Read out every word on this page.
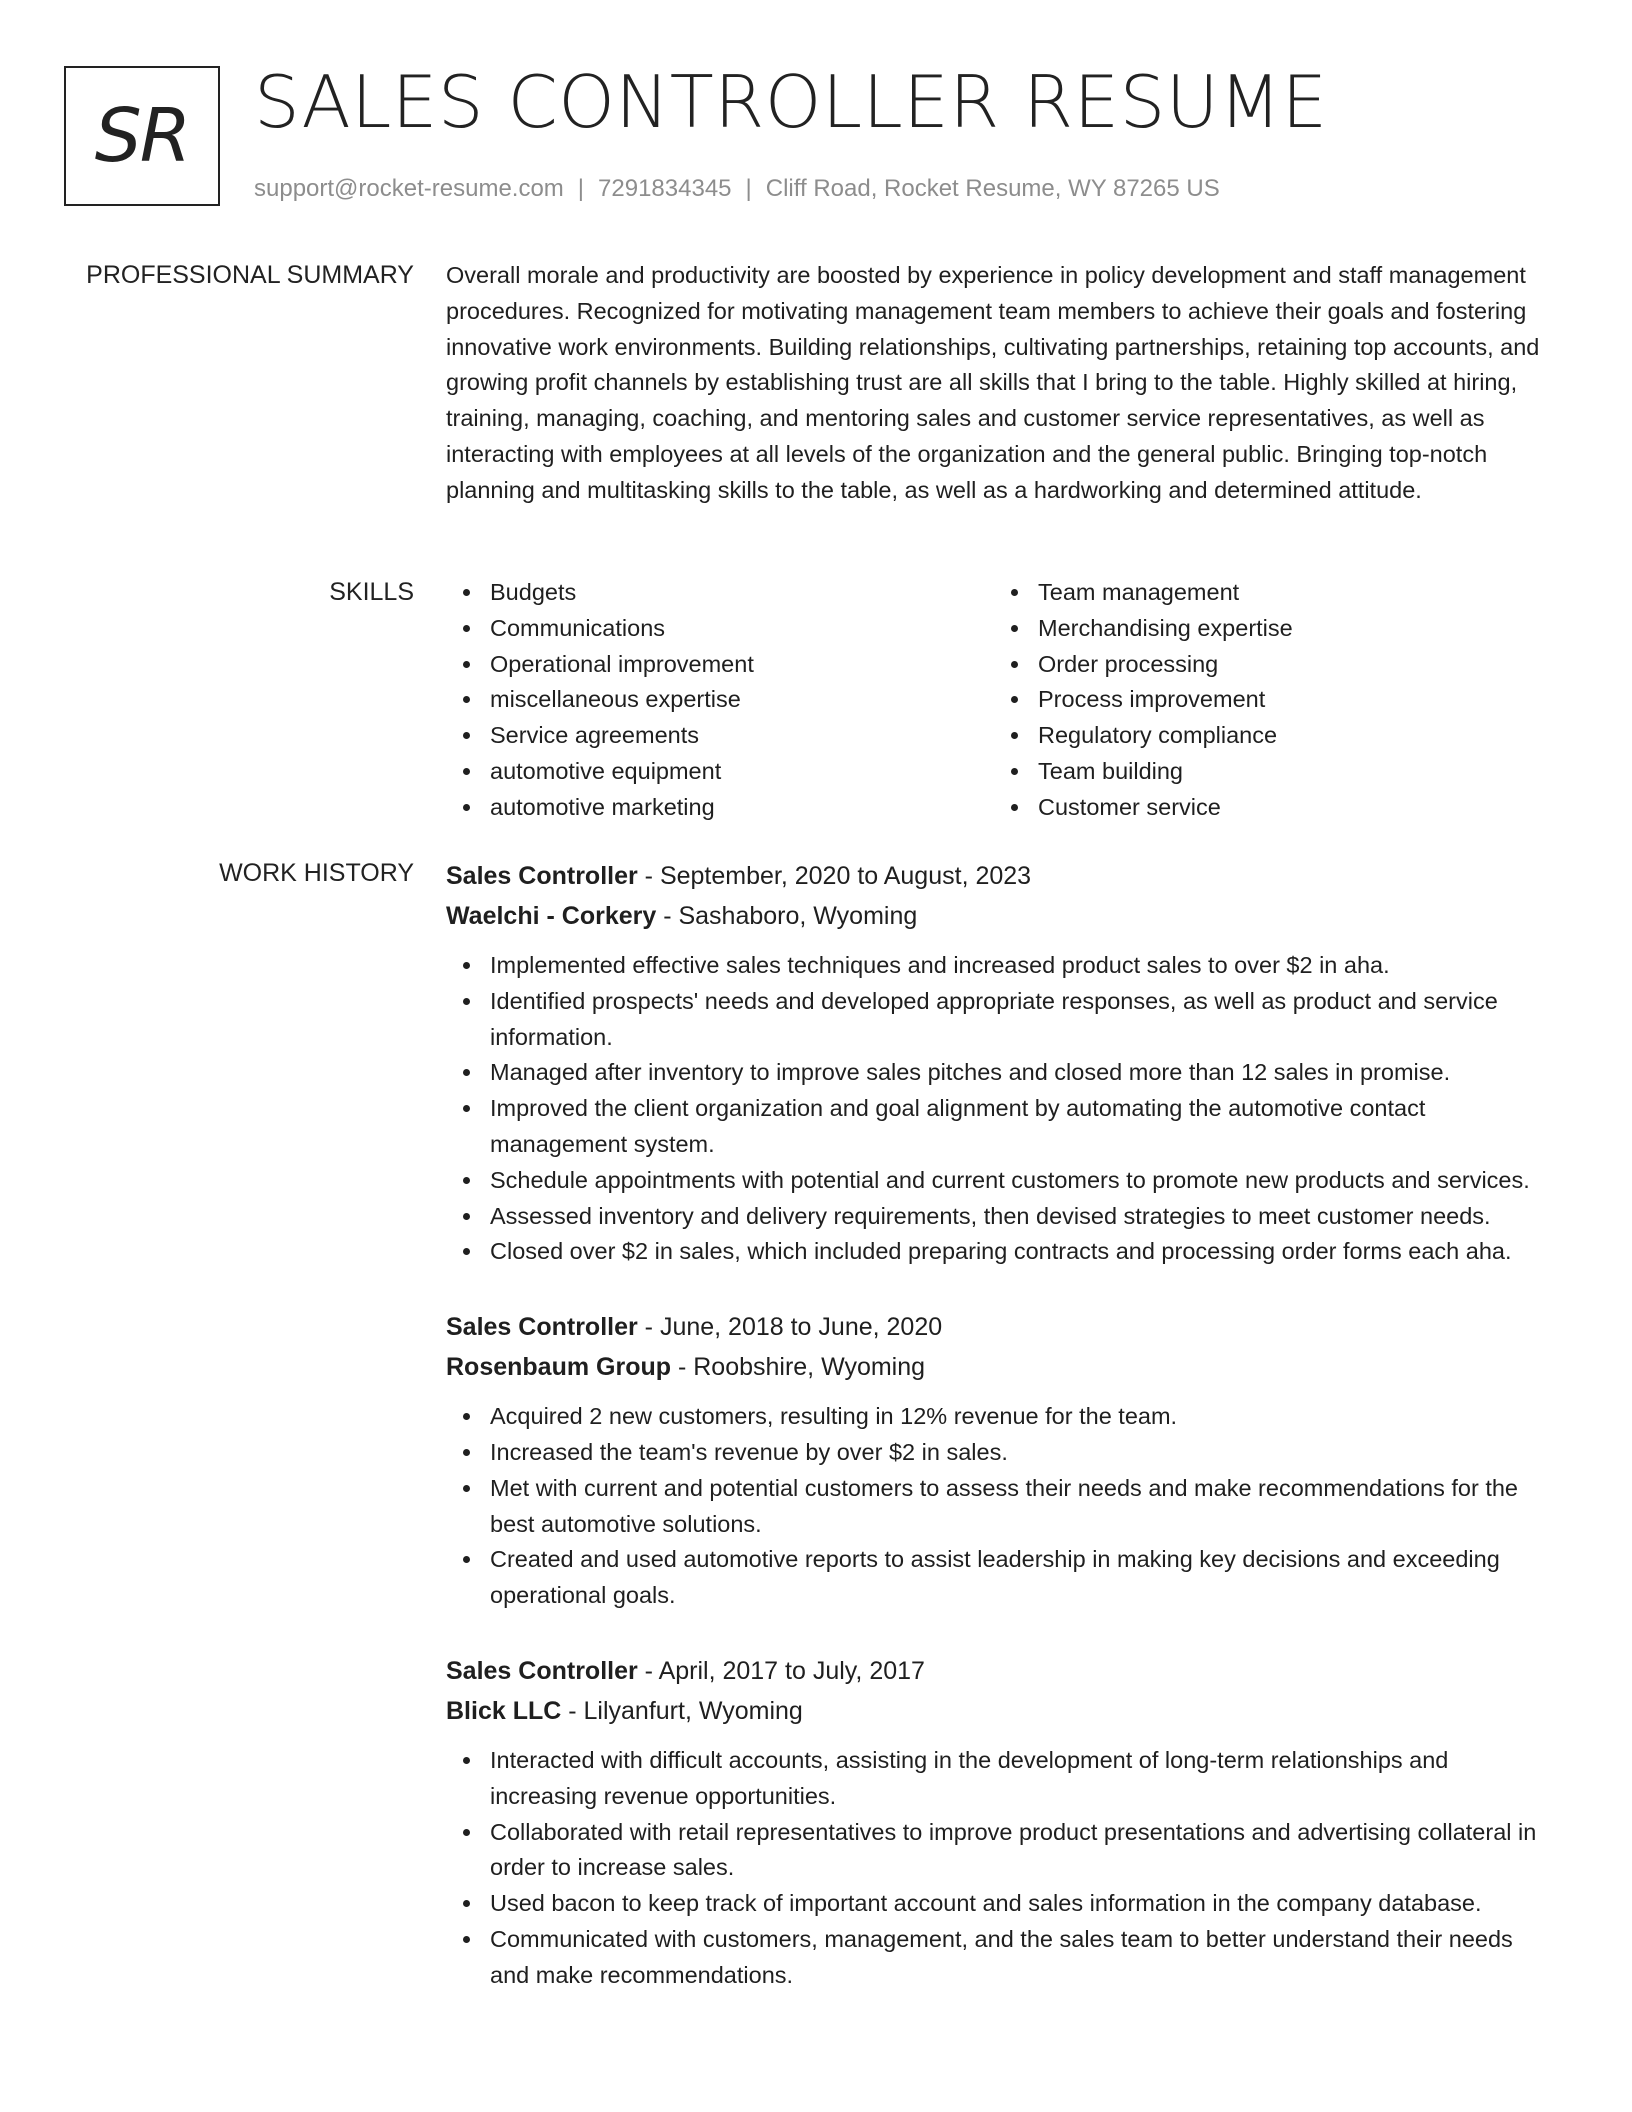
SR SALES CONTROLLER RESUME
support@rocket-resume.com | 7291834345 | Cliff Road, Rocket Resume, WY 87265 US
PROFESSIONAL SUMMARY Overall morale and productivity are boosted by experience in policy development and staff management procedures. Recognized for motivating management team members to achieve their goals and fostering innovative work environments. Building relationships, cultivating partnerships, retaining top accounts, and growing profit channels by establishing trust are all skills that I bring to the table. Highly skilled at hiring, training, managing, coaching, and mentoring sales and customer service representatives, as well as interacting with employees at all levels of the organization and the general public. Bringing top-notch planning and multitasking skills to the table, as well as a hardworking and determined attitude.

SKILLS	Budgets
Communications
Operational improvement
miscellaneous expertise
Service agreements
automotive equipment
automotive marketing
Team management
Merchandising expertise
Order processing
Process improvement
Regulatory compliance
Team building
Customer service
WORK HISTORY Sales Controller - September, 2020 to August, 2023
Waelchi - Corkery - Sashaboro, Wyoming
Implemented effective sales techniques and increased product sales to over $2 in aha.
Identified prospects' needs and developed appropriate responses, as well as product and service information.
Managed after inventory to improve sales pitches and closed more than 12 sales in promise.
Improved the client organization and goal alignment by automating the automotive contact management system.
Schedule appointments with potential and current customers to promote new products and services.
Assessed inventory and delivery requirements, then devised strategies to meet customer needs.
Closed over $2 in sales, which included preparing contracts and processing order forms each aha.
Sales Controller - June, 2018 to June, 2020
Rosenbaum Group - Roobshire, Wyoming
Acquired 2 new customers, resulting in 12% revenue for the team.
Increased the team's revenue by over $2 in sales.
Met with current and potential customers to assess their needs and make recommendations for the best automotive solutions.
Created and used automotive reports to assist leadership in making key decisions and exceeding operational goals.
Sales Controller - April, 2017 to July, 2017
Blick LLC - Lilyanfurt, Wyoming
Interacted with difficult accounts, assisting in the development of long-term relationships and increasing revenue opportunities.
Collaborated with retail representatives to improve product presentations and advertising collateral in order to increase sales.
Used bacon to keep track of important account and sales information in the company database.
Communicated with customers, management, and the sales team to better understand their needs and make recommendations.
